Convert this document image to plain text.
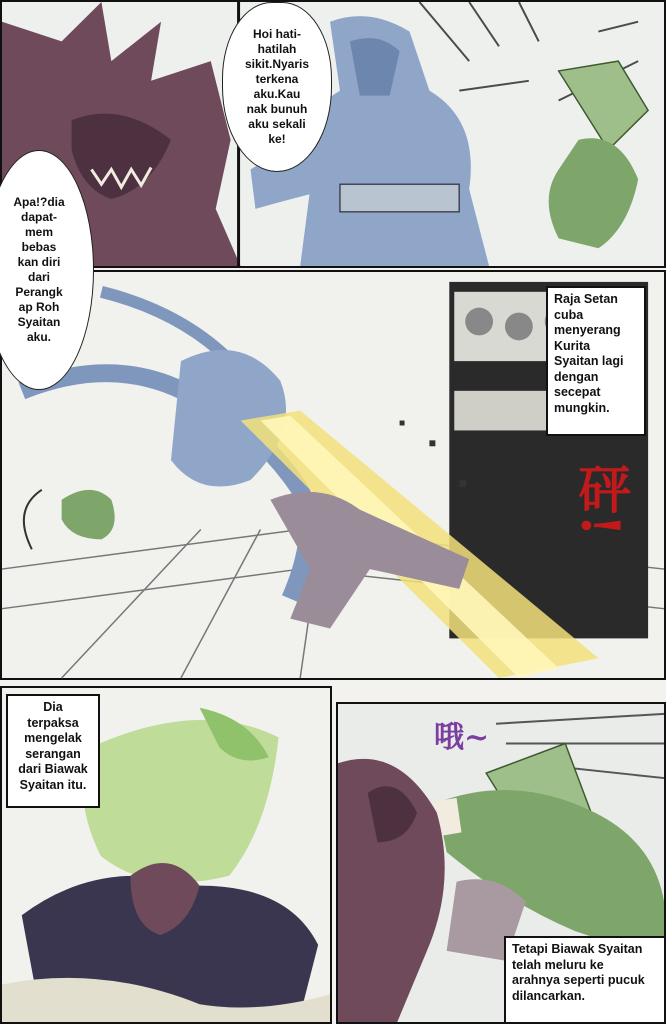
Hoi hati-
hatilah
sikit.Nyaris
terkena
aku.Kau
nak bunuh
aku sekali
ke!
Apa!?dia
dapat-
mem
bebas
kan diri
dari
Perangk
ap Roh
Syaitan
aku.
Raja Setan
cuba
menyerang
Kurita
Syaitan lagi
dengan
secepat
mungkin.
砰!
Dia
terpaksa
mengelak
serangan
dari Biawak
Syaitan itu.
哦~
Tetapi Biawak Syaitan
telah meluru ke
arahnya seperti pucuk
dilancarkan.
